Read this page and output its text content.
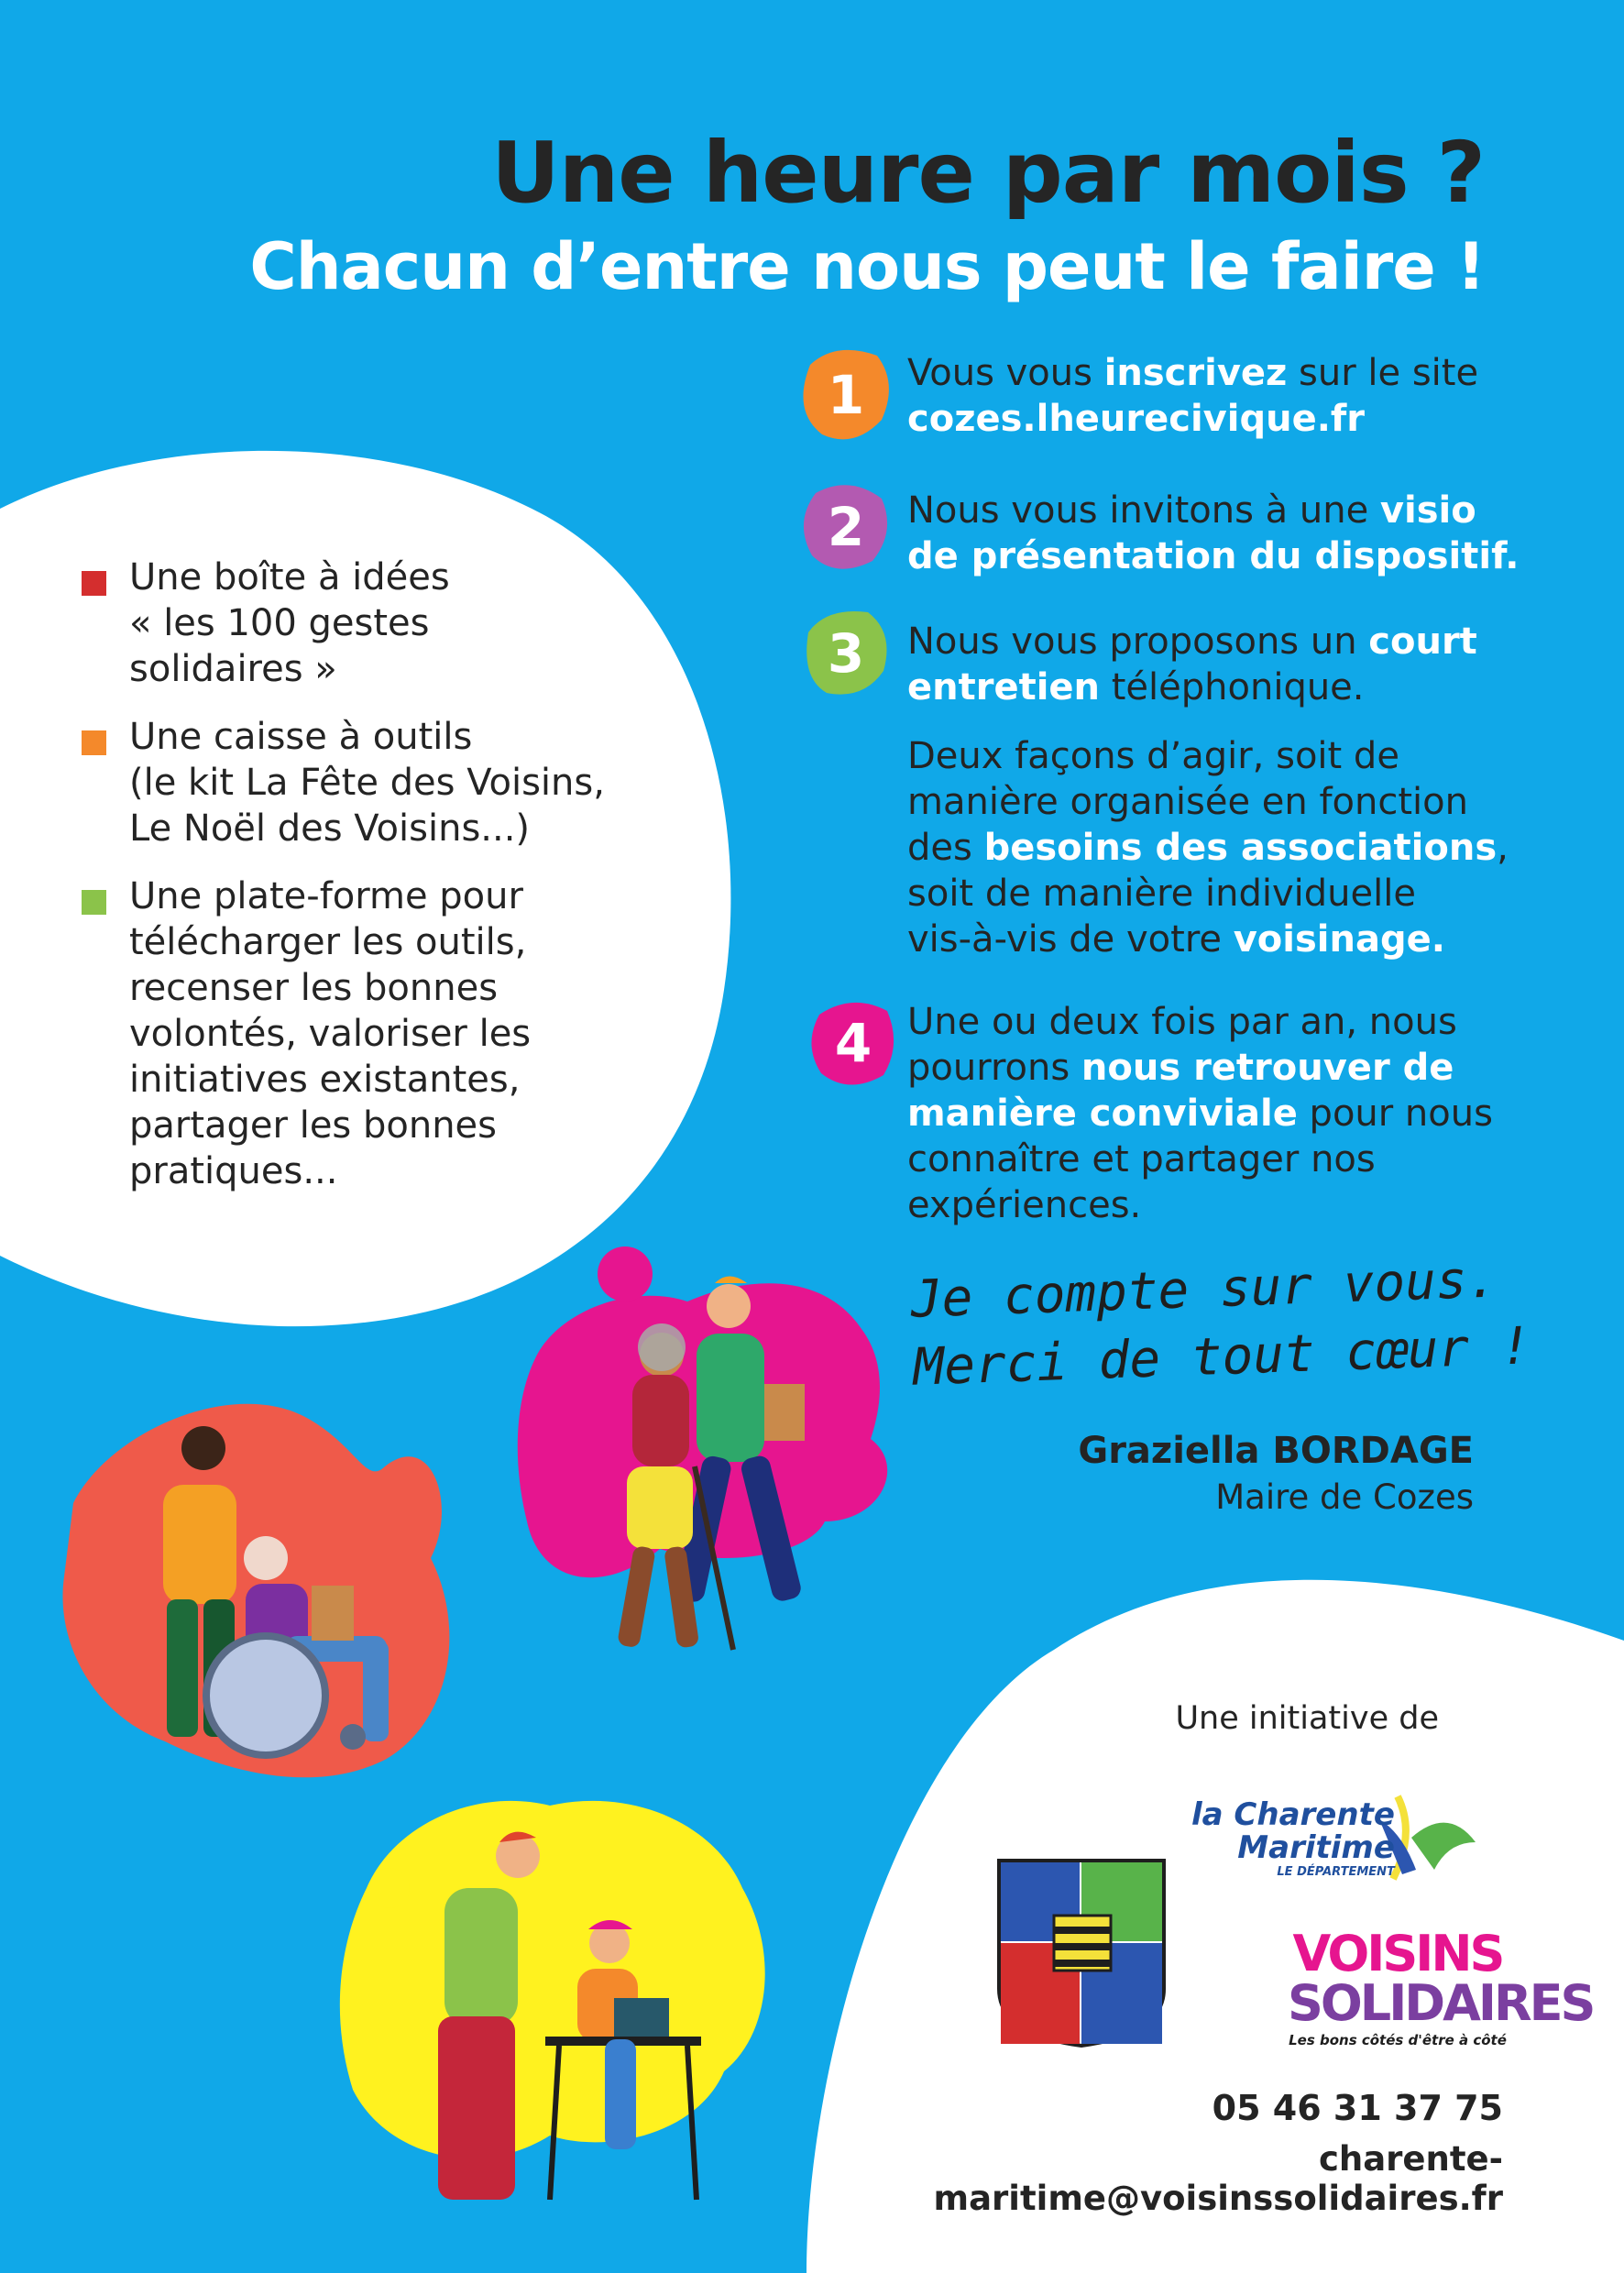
Une heure par mois ?
Chacun d’entre nous peut le faire !
1	Vous vous inscrivez sur le site
cozes.lheurecivique.fr
2	Nous vous invitons à une visio
de présentation du dispositif.
3	Nous vous proposons un court
entretien téléphonique.
Deux façons d’agir, soit de
manière organisée en fonction
des besoins des associations,
soit de manière individuelle
vis-à-vis de votre voisinage.
4 Une ou deux fois par an, nous
pourrons nous retrouver de
manière conviviale pour nous
connaître et partager nos
expériences.
Une boîte à idées
« les 100 gestes
solidaires »
Une caisse à outils
(le kit La Fête des Voisins,
Le Noël des Voisins...)
Une plate-forme pour
télécharger les outils,
recenser les bonnes
volontés, valoriser les
initiatives existantes,
partager les bonnes
pratiques...
Je compte sur vous.
Merci de tout cœur !
Graziella BORDAGE
Maire de Cozes
Une initiative de
la Charente
Maritime
LE DÉPARTEMENT
VOISINS
SOLIDAIRES
Les bons côtés d'être à côté
05 46 31 37 75
charente-maritime@voisinssolidaires.fr
